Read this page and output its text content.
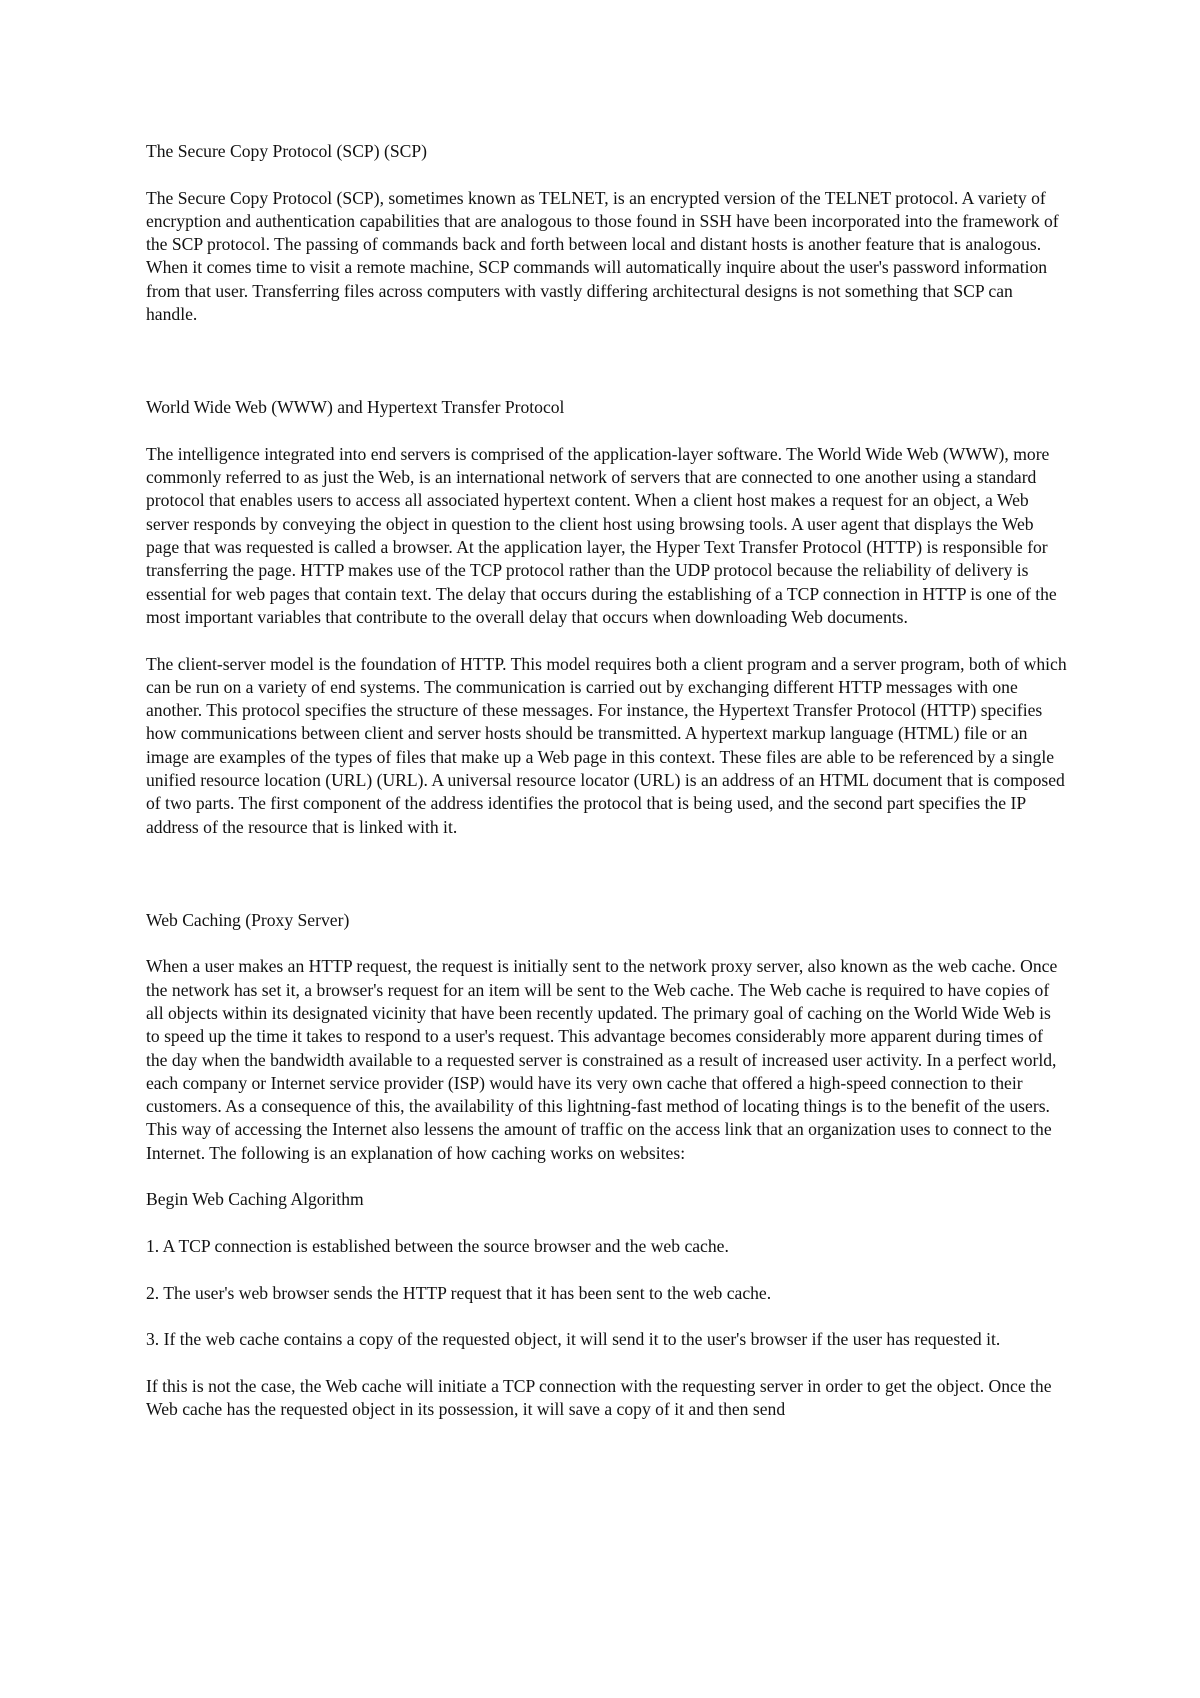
The Secure Copy Protocol (SCP) (SCP)

The Secure Copy Protocol (SCP), sometimes known as TELNET, is an encrypted version of the TELNET protocol. A variety of encryption and authentication capabilities that are analogous to those found in SSH have been incorporated into the framework of the SCP protocol. The passing of commands back and forth between local and distant hosts is another feature that is analogous. When it comes time to visit a remote machine, SCP commands will automatically inquire about the user's password information from that user. Transferring files across computers with vastly differing architectural designs is not something that SCP can handle.

World Wide Web (WWW) and Hypertext Transfer Protocol

The intelligence integrated into end servers is comprised of the application-layer software. The World Wide Web (WWW), more commonly referred to as just the Web, is an international network of servers that are connected to one another using a standard protocol that enables users to access all associated hypertext content. When a client host makes a request for an object, a Web server responds by conveying the object in question to the client host using browsing tools. A user agent that displays the Web page that was requested is called a browser. At the application layer, the Hyper Text Transfer Protocol (HTTP) is responsible for transferring the page. HTTP makes use of the TCP protocol rather than the UDP protocol because the reliability of delivery is essential for web pages that contain text. The delay that occurs during the establishing of a TCP connection in HTTP is one of the most important variables that contribute to the overall delay that occurs when downloading Web documents.

The client-server model is the foundation of HTTP. This model requires both a client program and a server program, both of which can be run on a variety of end systems. The communication is carried out by exchanging different HTTP messages with one another. This protocol specifies the structure of these messages. For instance, the Hypertext Transfer Protocol (HTTP) specifies how communications between client and server hosts should be transmitted. A hypertext markup language (HTML) file or an image are examples of the types of files that make up a Web page in this context. These files are able to be referenced by a single unified resource location (URL) (URL). A universal resource locator (URL) is an address of an HTML document that is composed of two parts. The first component of the address identifies the protocol that is being used, and the second part specifies the IP address of the resource that is linked with it.

Web Caching (Proxy Server)

When a user makes an HTTP request, the request is initially sent to the network proxy server, also known as the web cache. Once the network has set it, a browser's request for an item will be sent to the Web cache. The Web cache is required to have copies of all objects within its designated vicinity that have been recently updated. The primary goal of caching on the World Wide Web is to speed up the time it takes to respond to a user's request. This advantage becomes considerably more apparent during times of the day when the bandwidth available to a requested server is constrained as a result of increased user activity. In a perfect world, each company or Internet service provider (ISP) would have its very own cache that offered a high-speed connection to their customers. As a consequence of this, the availability of this lightning-fast method of locating things is to the benefit of the users. This way of accessing the Internet also lessens the amount of traffic on the access link that an organization uses to connect to the Internet. The following is an explanation of how caching works on websites:

Begin Web Caching Algorithm

1. A TCP connection is established between the source browser and the web cache.

2. The user's web browser sends the HTTP request that it has been sent to the web cache.

3. If the web cache contains a copy of the requested object, it will send it to the user's browser if the user has requested it.

If this is not the case, the Web cache will initiate a TCP connection with the requesting server in order to get the object. Once the Web cache has the requested object in its possession, it will save a copy of it and then send
